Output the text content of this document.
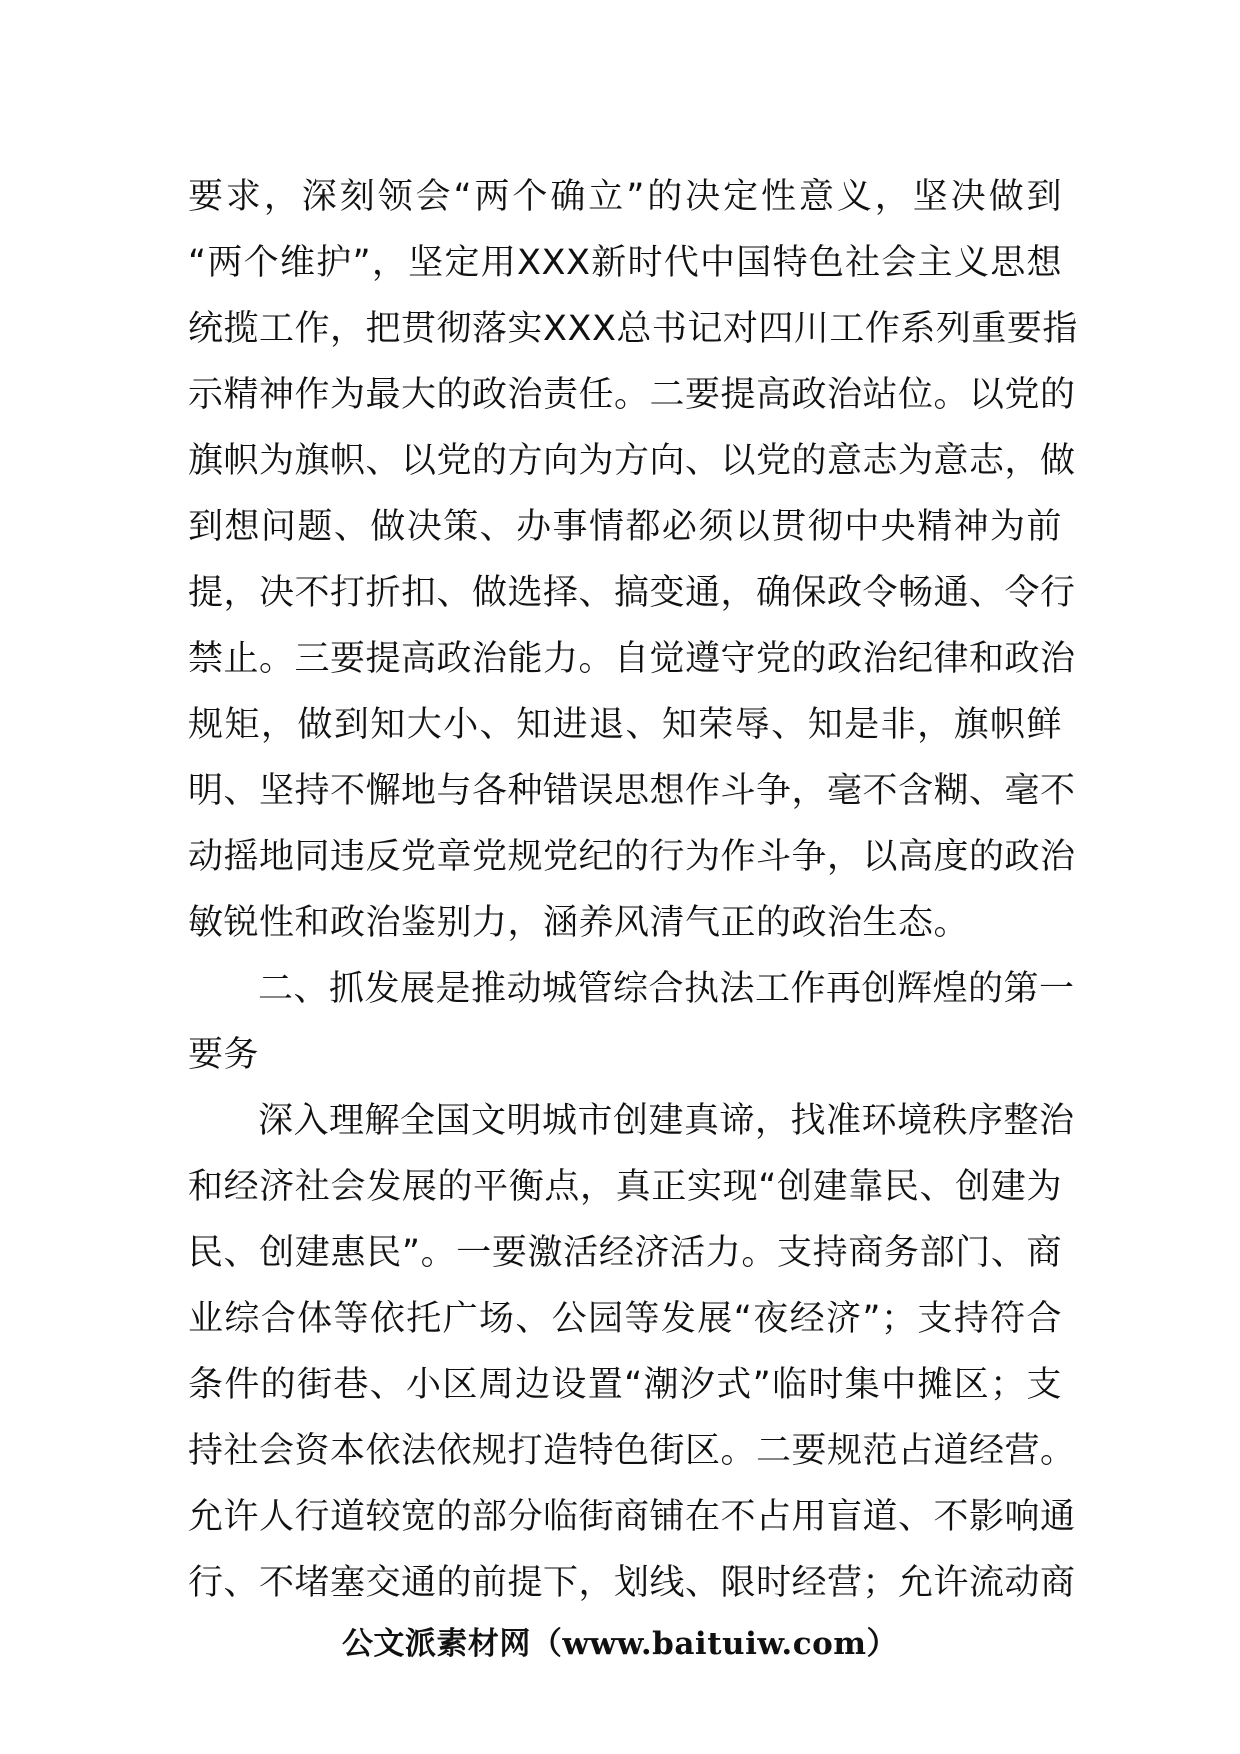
要求，深刻领会“两个确立”的决定性意义，坚决做到
“两个维护”，坚定用XXX新时代中国特色社会主义思想
统揽工作，把贯彻落实XXX总书记对四川工作系列重要指
示精神作为最大的政治责任。二要提高政治站位。以党的
旗帜为旗帜、以党的方向为方向、以党的意志为意志，做
到想问题、做决策、办事情都必须以贯彻中央精神为前
提，决不打折扣、做选择、搞变通，确保政令畅通、令行
禁止。三要提高政治能力。自觉遵守党的政治纪律和政治
规矩，做到知大小、知进退、知荣辱、知是非，旗帜鲜
明、坚持不懈地与各种错误思想作斗争，毫不含糊、毫不
动摇地同违反党章党规党纪的行为作斗争，以高度的政治
敏锐性和政治鉴别力，涵养风清气正的政治生态。
二、抓发展是推动城管综合执法工作再创辉煌的第一
要务
深入理解全国文明城市创建真谛，找准环境秩序整治
和经济社会发展的平衡点，真正实现“创建靠民、创建为
民、创建惠民”。一要激活经济活力。支持商务部门、商
业综合体等依托广场、公园等发展“夜经济”；支持符合
条件的街巷、小区周边设置“潮汐式”临时集中摊区；支
持社会资本依法依规打造特色街区。二要规范占道经营。
允许人行道较宽的部分临街商铺在不占用盲道、不影响通
行、不堵塞交通的前提下，划线、限时经营；允许流动商
公文派素材网（www.baituiw.com）
